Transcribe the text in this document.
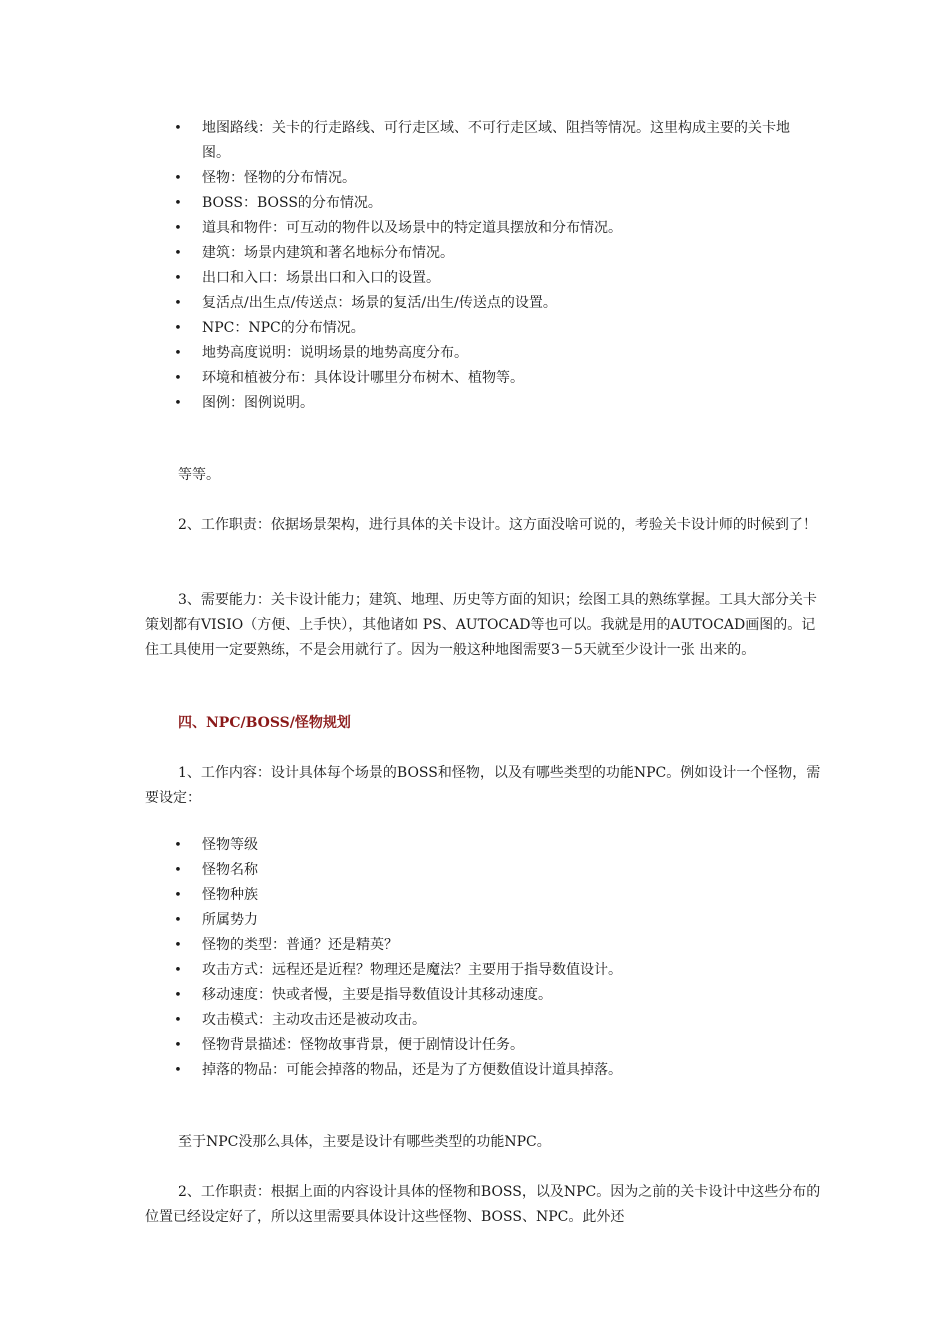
• 地图路线：关卡的行走路线、可行走区域、不可行走区域、阻挡等情况。这里构成主要的关卡地图。
• 怪物：怪物的分布情况。
• BOSS：BOSS的分布情况。
• 道具和物件：可互动的物件以及场景中的特定道具摆放和分布情况。
• 建筑：场景内建筑和著名地标分布情况。
• 出口和入口：场景出口和入口的设置。
• 复活点/出生点/传送点：场景的复活/出生/传送点的设置。
• NPC：NPC的分布情况。
• 地势高度说明：说明场景的地势高度分布。
• 环境和植被分布：具体设计哪里分布树木、植物等。
• 图例：图例说明。

等等。

2、工作职责：依据场景架构，进行具体的关卡设计。这方面没啥可说的，考验关卡设计师的时候到了！

3、需要能力：关卡设计能力；建筑、地理、历史等方面的知识；绘图工具的熟练掌握。工具大部分关卡策划都有VISIO（方便、上手快），其他诸如 PS、AUTOCAD等也可以。我就是用的AUTOCAD画图的。记住工具使用一定要熟练，不是会用就行了。因为一般这种地图需要3－5天就至少设计一张 出来的。

四、NPC/BOSS/怪物规划

1、工作内容：设计具体每个场景的BOSS和怪物，以及有哪些类型的功能NPC。例如设计一个怪物，需要设定：

• 怪物等级
• 怪物名称
• 怪物种族
• 所属势力
• 怪物的类型：普通？还是精英？
• 攻击方式：远程还是近程？物理还是魔法？主要用于指导数值设计。
• 移动速度：快或者慢，主要是指导数值设计其移动速度。
• 攻击模式：主动攻击还是被动攻击。
• 怪物背景描述：怪物故事背景，便于剧情设计任务。
• 掉落的物品：可能会掉落的物品，还是为了方便数值设计道具掉落。

至于NPC没那么具体，主要是设计有哪些类型的功能NPC。

2、工作职责：根据上面的内容设计具体的怪物和BOSS，以及NPC。因为之前的关卡设计中这些分布的位置已经设定好了，所以这里需要具体设计这些怪物、BOSS、NPC。此外还
